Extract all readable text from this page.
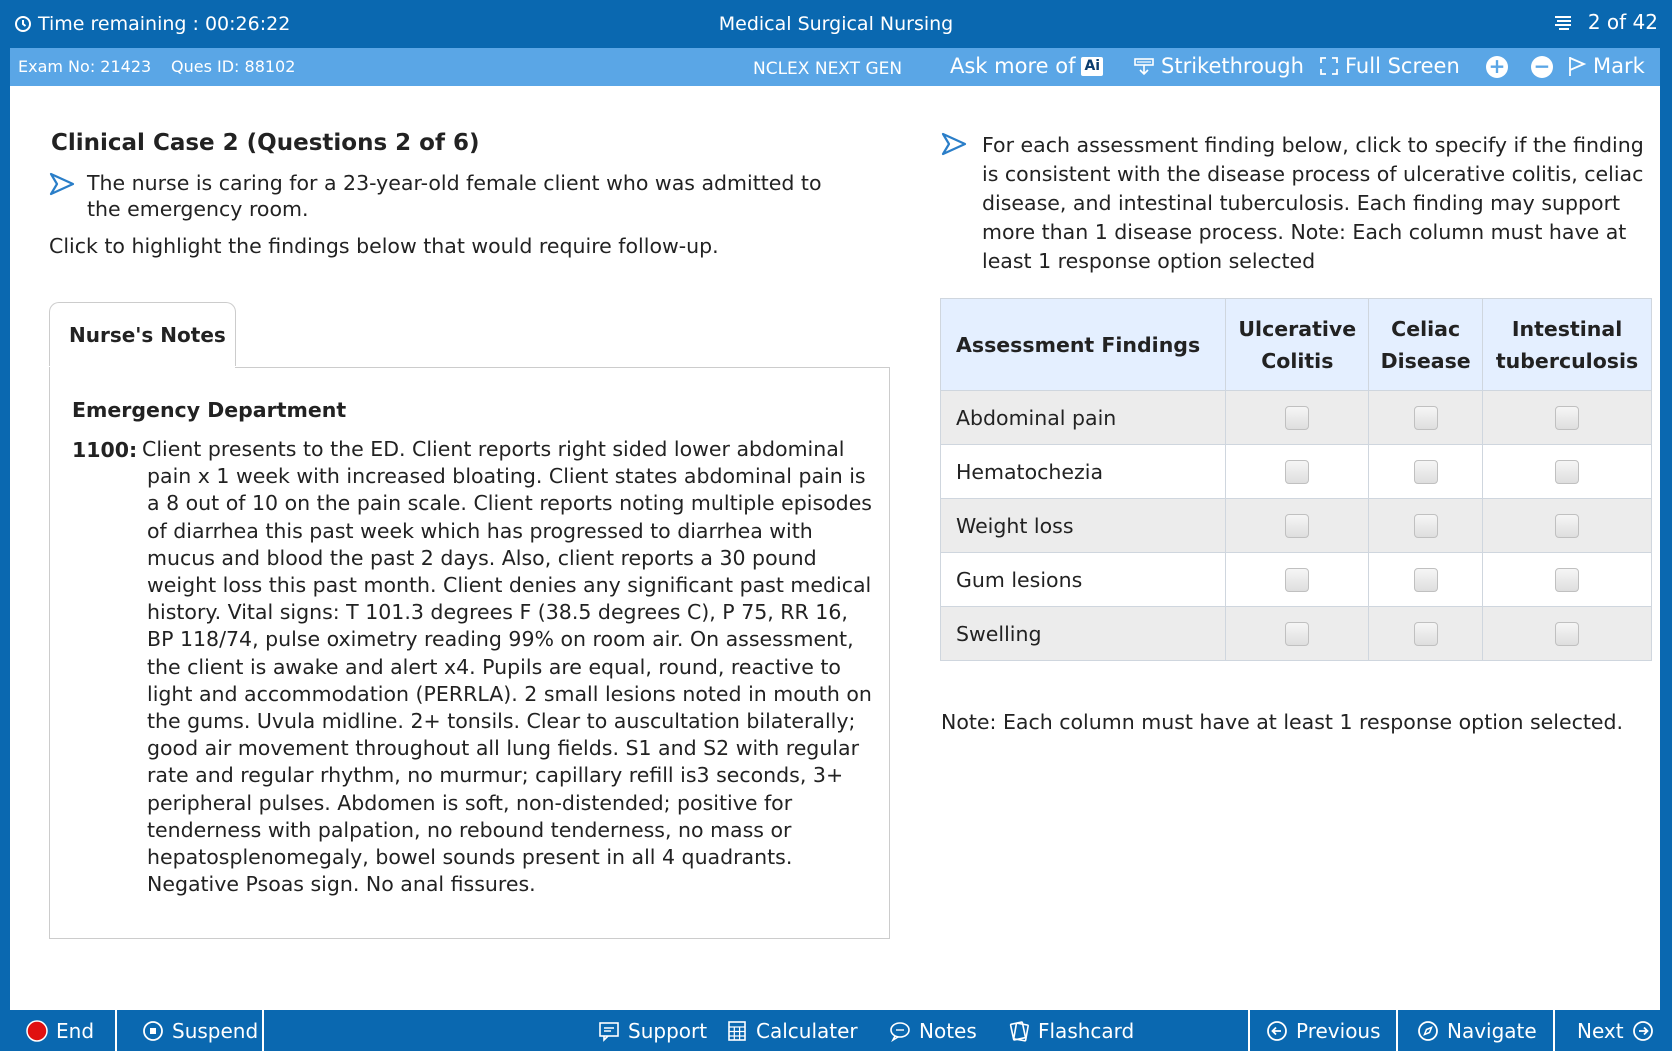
Time remaining : 00:26:22	Medical Surgical Nursing	2 of 42
Exam No: 21423 Ques ID: 88102	NCLEX NEXT GEN Ask more of Ai	Strikethrough Full Screen + − Mark
Clinical Case 2 (Questions 2 of 6)
The nurse is caring for a 23-year-old female client who was admitted to the emergency room.
Click to highlight the findings below that would require follow-up.
Nurse's Notes
Emergency Department
1100: Client presents to the ED. Client reports right sided lower abdominal pain x 1 week with increased bloating. Client states abdominal pain is a 8 out of 10 on the pain scale. Client reports noting multiple episodes of diarrhea this past week which has progressed to diarrhea with mucus and blood the past 2 days. Also, client reports a 30 pound weight loss this past month. Client denies any significant past medical history. Vital signs: T 101.3 degrees F (38.5 degrees C), P 75, RR 16, BP 118/74, pulse oximetry reading 99% on room air. On assessment, the client is awake and alert x4. Pupils are equal, round, reactive to light and accommodation (PERRLA). 2 small lesions noted in mouth on the gums. Uvula midline. 2+ tonsils. Clear to auscultation bilaterally; good air movement throughout all lung fields. S1 and S2 with regular rate and regular rhythm, no murmur; capillary refill is3 seconds, 3+ peripheral pulses. Abdomen is soft, non-distended; positive for tenderness with palpation, no rebound tenderness, no mass or hepatosplenomegaly, bowel sounds present in all 4 quadrants. Negative Psoas sign. No anal fissures.
For each assessment finding below, click to specify if the finding is consistent with the disease process of ulcerative colitis, celiac disease, and intestinal tuberculosis. Each finding may support more than 1 disease process. Note: Each column must have at least 1 response option selected
Assessment Findings	Ulcerative Colitis	Celiac Disease	Intestinal tuberculosis
Abdominal pain			
Hematochezia			
Weight loss			
Gum lesions			
Swelling			
Note: Each column must have at least 1 response option selected.
End	Suspend	Support Calculater	Notes	Flashcard	Previous	Navigate Next
